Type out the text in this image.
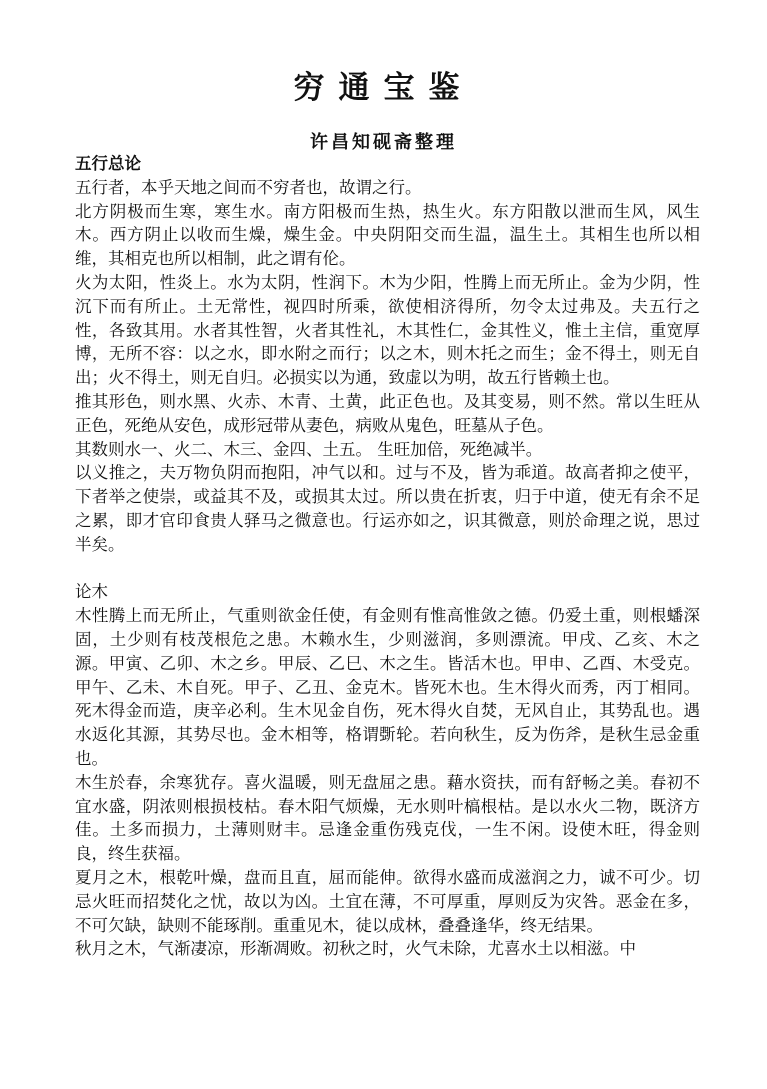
穷通宝鉴
许昌知砚斋整理

五行总论

五行者，本乎天地之间而不穷者也，故谓之行。

北方阴极而生寒，寒生水。南方阳极而生热，热生火。东方阳散以泄而生风，风生木。西方阴止以收而生燥，燥生金。中央阴阳交而生温，温生土。其相生也所以相维，其相克也所以相制，此之谓有伦。

火为太阳，性炎上。水为太阴，性润下。木为少阳，性腾上而无所止。金为少阴，性沉下而有所止。土无常性，视四时所乘，欲使相济得所，勿令太过弗及。夫五行之性，各致其用。水者其性智，火者其性礼，木其性仁，金其性义，惟土主信，重宽厚博，无所不容：以之水，即水附之而行；以之木，则木托之而生；金不得土，则无自出；火不得土，则无自归。必损实以为通，致虚以为明，故五行皆赖土也。

推其形色，则水黑、火赤、木青、土黄，此正色也。及其变易，则不然。常以生旺从正色，死绝从安色，成形冠带从妻色，病败从鬼色，旺墓从子色。

其数则水一、火二、木三、金四、土五。 生旺加倍，死绝减半。

以义推之，夫万物负阴而抱阳，冲气以和。过与不及，皆为乖道。故高者抑之使平，下者举之使崇，或益其不及，或损其太过。所以贵在折衷，归于中道，使无有余不足之累，即才官印食贵人驿马之微意也。行运亦如之，识其微意，则於命理之说，思过半矣。

论木

木性腾上而无所止，气重则欲金任使，有金则有惟高惟敛之德。仍爱土重，则根蟠深固，土少则有枝茂根危之患。木赖水生，少则滋润，多则漂流。甲戌、乙亥、木之源。甲寅、乙卯、木之乡。甲辰、乙巳、木之生。皆活木也。甲申、乙酉、木受克。甲午、乙未、木自死。甲子、乙丑、金克木。皆死木也。生木得火而秀，丙丁相同。死木得金而造，庚辛必利。生木见金自伤，死木得火自焚，无风自止，其势乱也。遇水返化其源，其势尽也。金木相等，格谓斲轮。若向秋生，反为伤斧，是秋生忌金重也。

木生於春，余寒犹存。喜火温暖，则无盘屈之患。藉水资扶，而有舒畅之美。春初不宜水盛，阴浓则根损枝枯。春木阳气烦燥，无水则叶槁根枯。是以水火二物，既济方佳。土多而损力，土薄则财丰。忌逢金重伤残克伐，一生不闲。设使木旺，得金则良，终生获福。

夏月之木，根乾叶燥，盘而且直，屈而能伸。欲得水盛而成滋润之力，诚不可少。切忌火旺而招焚化之忧，故以为凶。土宜在薄，不可厚重，厚则反为灾咎。恶金在多，不可欠缺，缺则不能琢削。重重见木，徒以成林，叠叠逢华，终无结果。

秋月之木，气渐凄凉，形渐凋败。初秋之时，火气未除，尤喜水土以相滋。中
